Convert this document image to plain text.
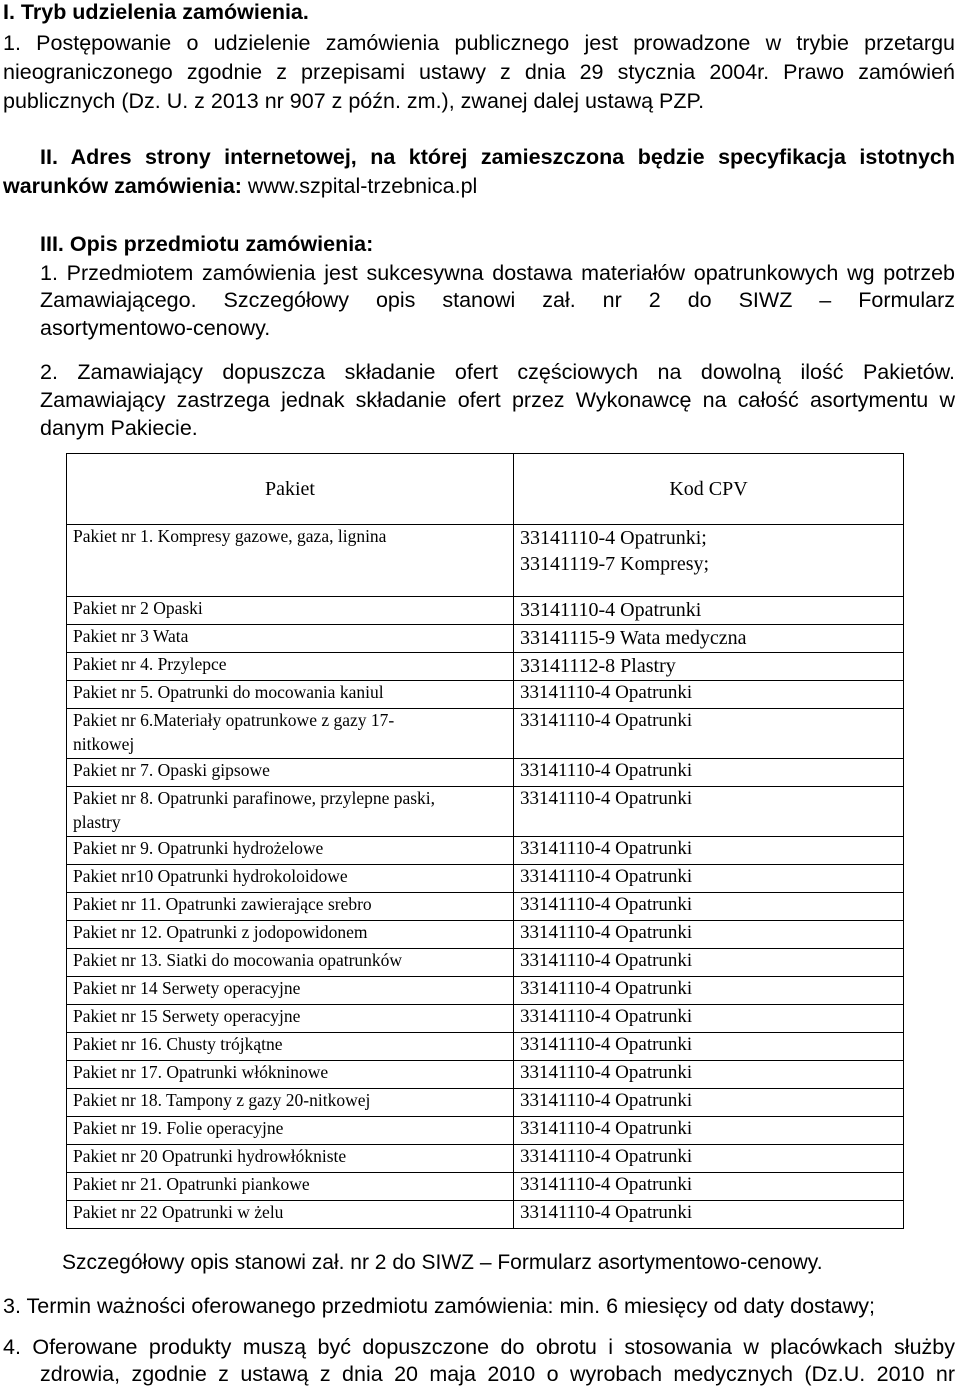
I. Tryb udzielenia zamówienia.
1. Postępowanie o udzielenie zamówienia publicznego jest prowadzone w trybie przetargu
nieograniczonego zgodnie z przepisami ustawy z dnia 29 stycznia 2004r. Prawo zamówień
publicznych (Dz. U. z 2013 nr 907 z późn. zm.), zwanej dalej ustawą PZP.
II. Adres strony internetowej, na której zamieszczona będzie specyfikacja istotnych
warunków zamówienia: www.szpital-trzebnica.pl
III. Opis przedmiotu zamówienia:
1. Przedmiotem zamówienia jest sukcesywna dostawa materiałów opatrunkowych wg potrzeb
Zamawiającego. Szczegółowy opis stanowi zał. nr 2 do SIWZ – Formularz
asortymentowo-cenowy.
2. Zamawiający dopuszcza składanie ofert częściowych na dowolną ilość Pakietów.
Zamawiający zastrzega jednak składanie ofert przez Wykonawcę na całość asortymentu w
danym Pakiecie.
Pakiet	Kod CPV
Pakiet nr 1. Kompresy gazowe, gaza, lignina	33141110-4 Opatrunki;
33141119-7 Kompresy;
Pakiet nr 2 Opaski	33141110-4 Opatrunki
Pakiet nr 3 Wata	33141115-9 Wata medyczna
Pakiet nr 4. Przylepce	33141112-8 Plastry
Pakiet nr 5. Opatrunki do mocowania kaniul	33141110-4 Opatrunki
Pakiet nr 6.Materiały opatrunkowe z gazy 17-
nitkowej	33141110-4 Opatrunki
Pakiet nr 7. Opaski gipsowe	33141110-4 Opatrunki
Pakiet nr 8. Opatrunki parafinowe, przylepne paski,
plastry	33141110-4 Opatrunki
Pakiet nr 9. Opatrunki hydrożelowe	33141110-4 Opatrunki
Pakiet nr10 Opatrunki hydrokoloidowe	33141110-4 Opatrunki
Pakiet nr 11. Opatrunki zawierające srebro	33141110-4 Opatrunki
Pakiet nr 12. Opatrunki z jodopowidonem	33141110-4 Opatrunki
Pakiet nr 13. Siatki do mocowania opatrunków	33141110-4 Opatrunki
Pakiet nr 14 Serwety operacyjne	33141110-4 Opatrunki
Pakiet nr 15 Serwety operacyjne	33141110-4 Opatrunki
Pakiet nr 16. Chusty trójkątne	33141110-4 Opatrunki
Pakiet nr 17. Opatrunki włókninowe	33141110-4 Opatrunki
Pakiet nr 18. Tampony z gazy 20-nitkowej	33141110-4 Opatrunki
Pakiet nr 19. Folie operacyjne	33141110-4 Opatrunki
Pakiet nr 20 Opatrunki hydrowłókniste	33141110-4 Opatrunki
Pakiet nr 21. Opatrunki piankowe	33141110-4 Opatrunki
Pakiet nr 22 Opatrunki w żelu	33141110-4 Opatrunki
Szczegółowy opis stanowi zał. nr 2 do SIWZ – Formularz asortymentowo-cenowy.
3. Termin ważności oferowanego przedmiotu zamówienia: min. 6 miesięcy od daty dostawy;
4. Oferowane produkty muszą być dopuszczone do obrotu i stosowania w placówkach służby
zdrowia, zgodnie z ustawą z dnia 20 maja 2010 o wyrobach medycznych (Dz.U. 2010 nr
